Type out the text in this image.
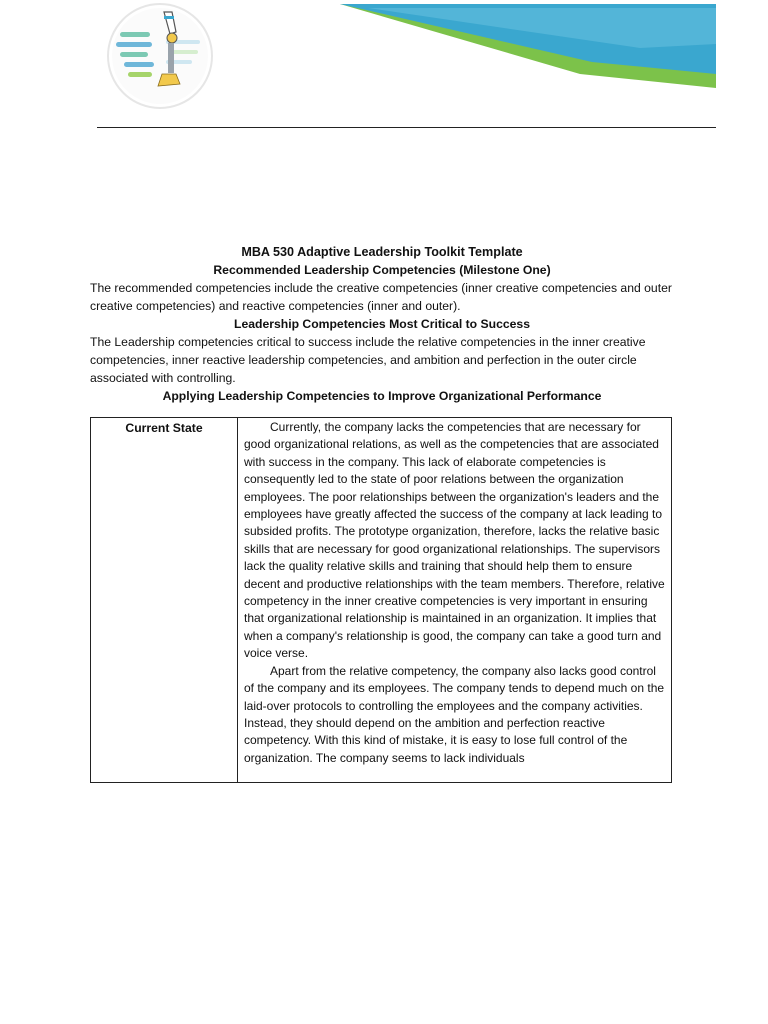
MBA 530 Adaptive Leadership Toolkit Template
Recommended Leadership Competencies (Milestone One)

The recommended competencies include the creative competencies (inner creative competencies and outer creative competencies) and reactive competencies (inner and outer).

Leadership Competencies Most Critical to Success

The Leadership competencies critical to success include the relative competencies in the inner creative competencies, inner reactive leadership competencies, and ambition and perfection in the outer circle associated with controlling.

Applying Leadership Competencies to Improve Organizational Performance
Current State	Currently, the company lacks the competencies that are necessary for good organizational relations, as well as the competencies that are associated with success in the company. This lack of elaborate competencies is consequently led to the state of poor relations between the organization employees. The poor relationships between the organization's leaders and the employees have greatly affected the success of the company at lack leading to subsided profits. The prototype organization, therefore, lacks the relative basic skills that are necessary for good organizational relationships. The supervisors lack the quality relative skills and training that should help them to ensure decent and productive relationships with the team members. Therefore, relative competency in the inner creative competencies is very important in ensuring that organizational relationship is maintained in an organization. It implies that when a company's relationship is good, the company can take a good turn and voice verse.

Apart from the relative competency, the company also lacks good control of the company and its employees. The company tends to depend much on the laid-over protocols to controlling the employees and the company activities. Instead, they should depend on the ambition and perfection reactive competency. With this kind of mistake, it is easy to lose full control of the organization. The company seems to lack individuals
